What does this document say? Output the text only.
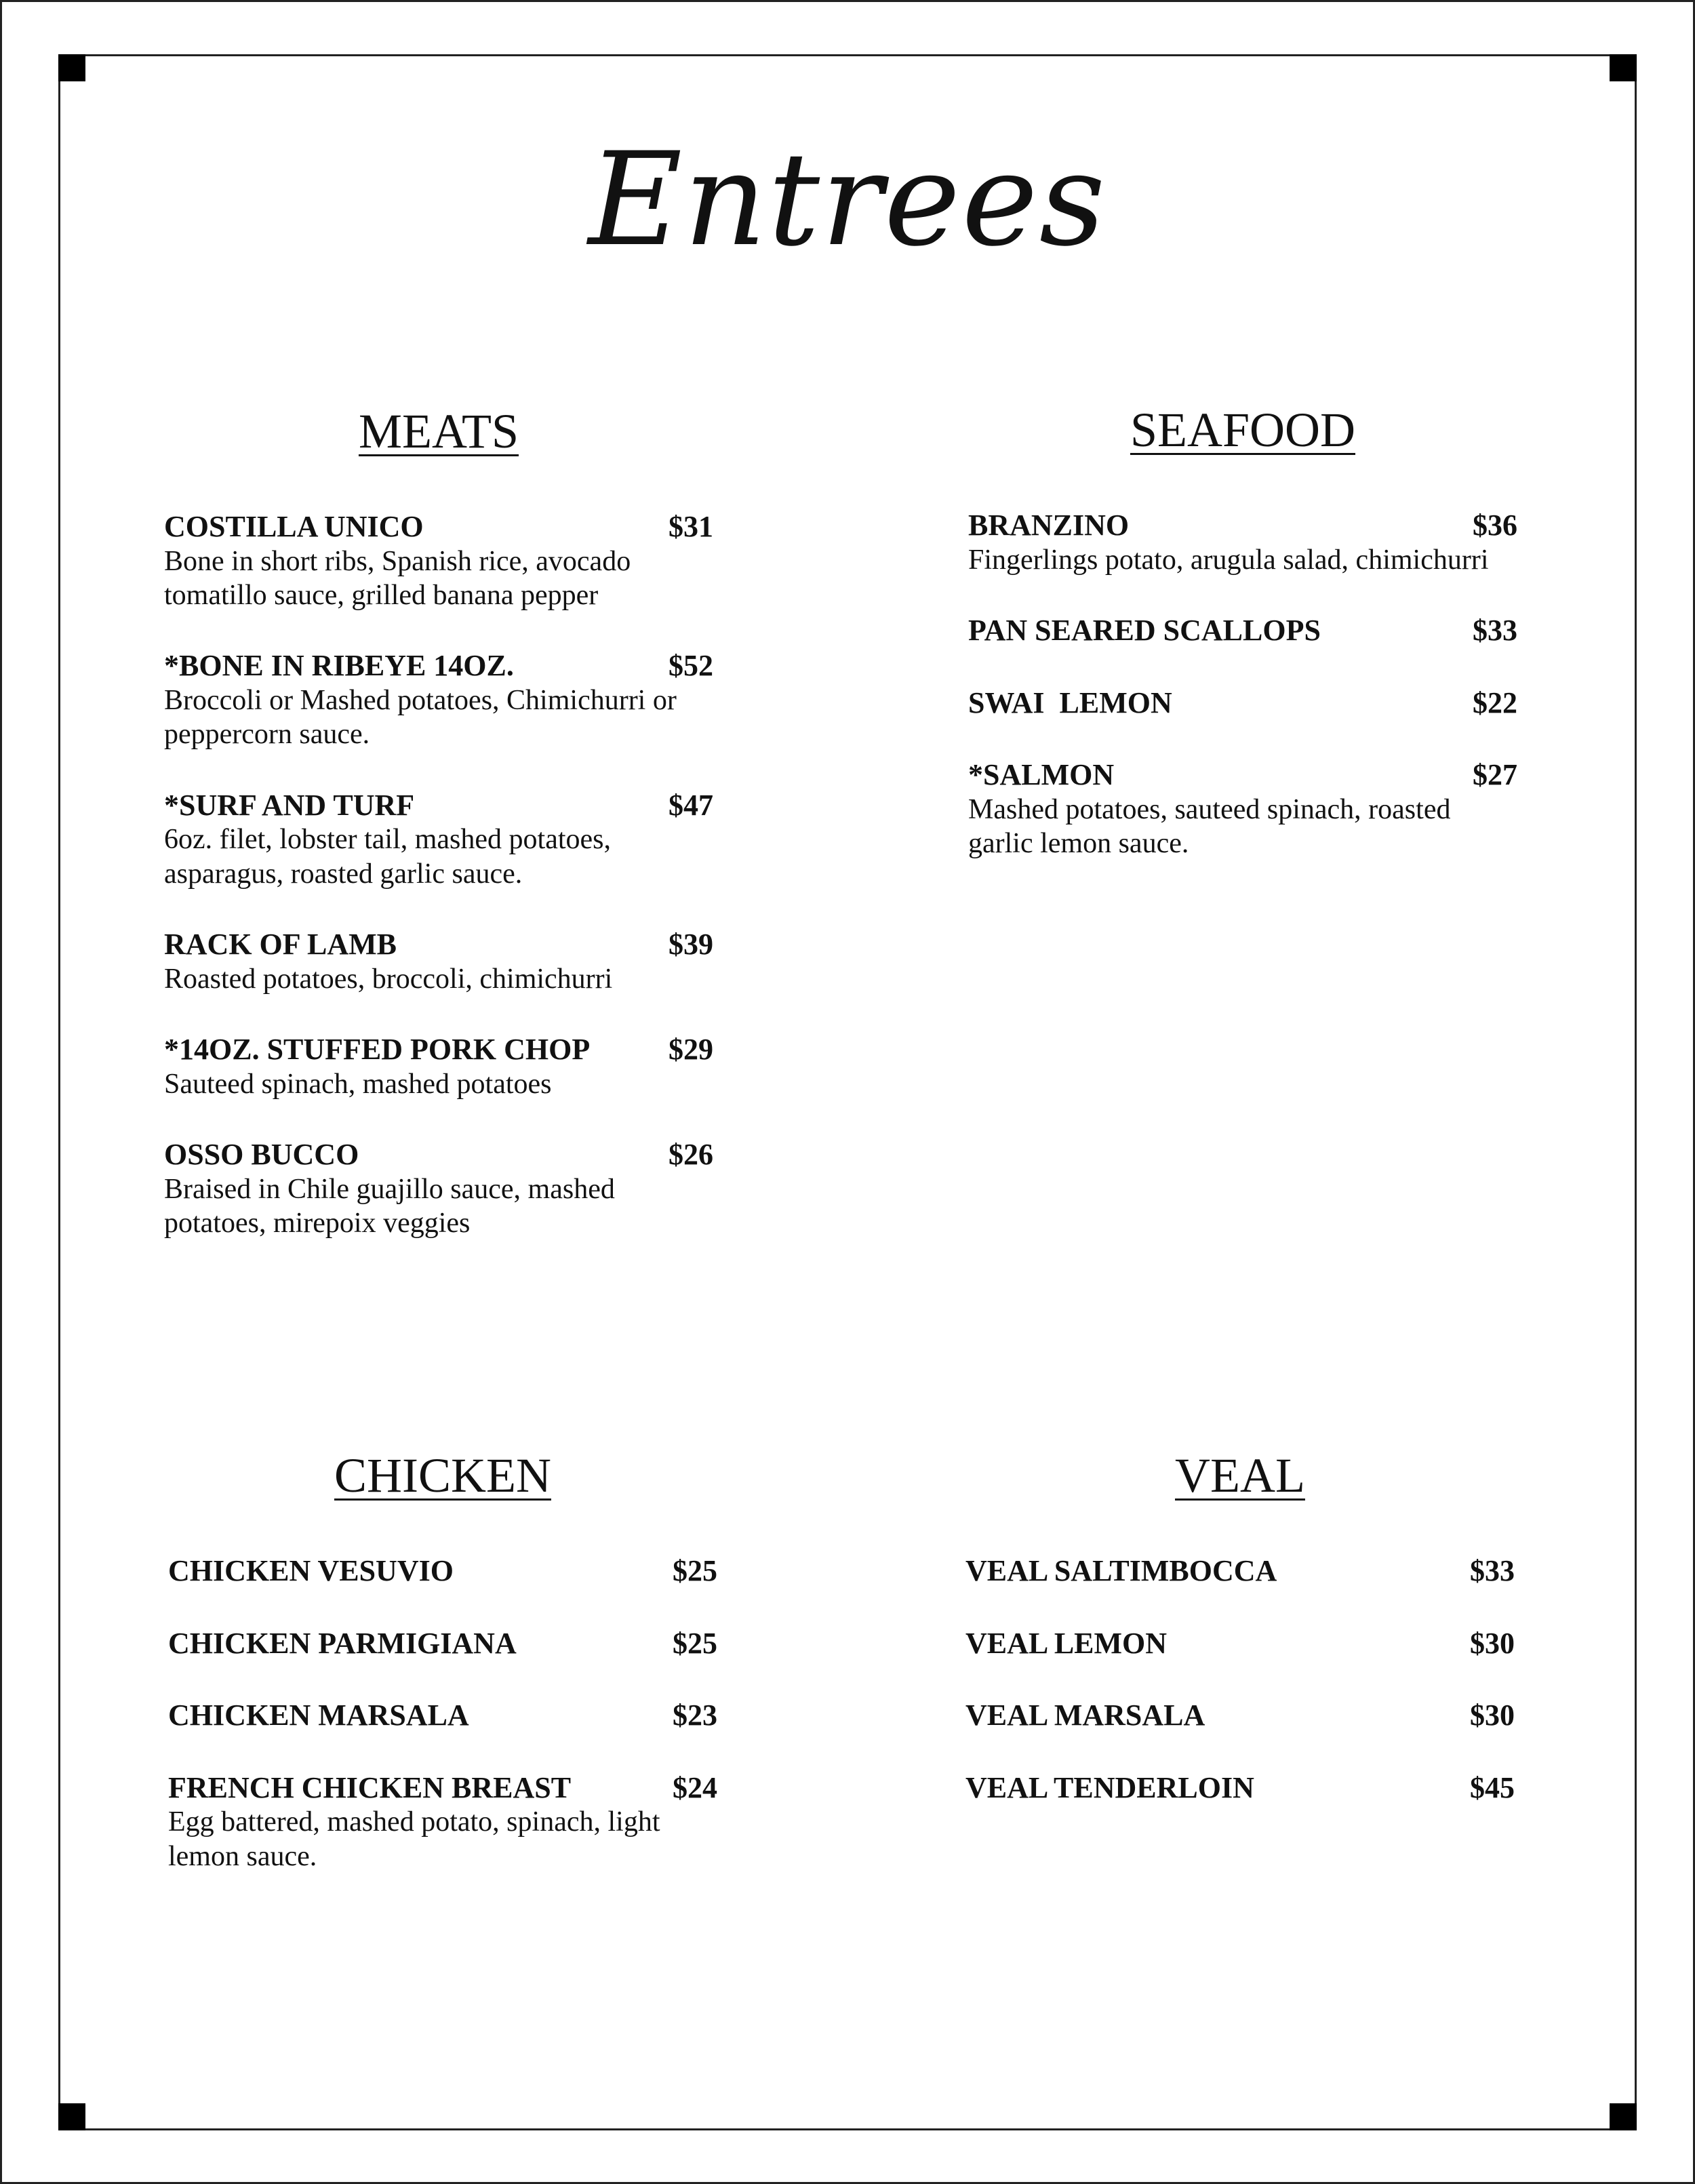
Entrees
MEATS
COSTILLA UNICO	$31
Bone in short ribs, Spanish rice, avocado tomatillo sauce, grilled banana pepper
*BONE IN RIBEYE 14OZ.	$52
Broccoli or Mashed potatoes, Chimichurri or peppercorn sauce.
*SURF AND TURF	$47
6oz. filet, lobster tail, mashed potatoes, asparagus, roasted garlic sauce.
RACK OF LAMB	$39
Roasted potatoes, broccoli, chimichurri
*14OZ. STUFFED PORK CHOP	$29
Sauteed spinach, mashed potatoes
OSSO BUCCO	$26
Braised in Chile guajillo sauce, mashed potatoes, mirepoix veggies
SEAFOOD
BRANZINO	$36
Fingerlings potato, arugula salad, chimichurri
PAN SEARED SCALLOPS	$33
SWAI  LEMON	$22
*SALMON	$27
Mashed potatoes, sauteed spinach, roasted garlic lemon sauce.
CHICKEN
CHICKEN VESUVIO	$25
CHICKEN PARMIGIANA	$25
CHICKEN MARSALA	$23
FRENCH CHICKEN BREAST	$24
Egg battered, mashed potato, spinach, light lemon sauce.
VEAL
VEAL SALTIMBOCCA	$33
VEAL LEMON	$30
VEAL MARSALA	$30
VEAL TENDERLOIN	$45
